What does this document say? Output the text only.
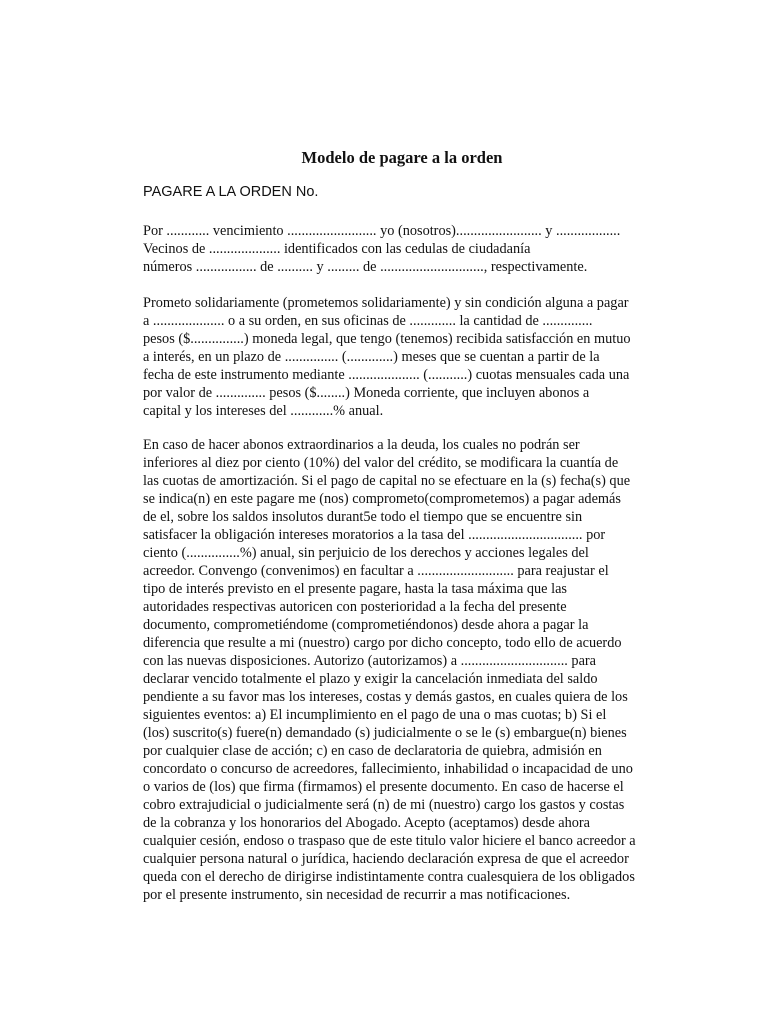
Modelo de pagare a la orden
PAGARE A LA ORDEN No.
Por ............ vencimiento ......................... yo (nosotros)........................ y ..................
Vecinos de .................... identificados con las cedulas de ciudadanía
números ................. de .......... y ......... de ............................., respectivamente.
Prometo solidariamente (prometemos solidariamente) y sin condición alguna a pagar
a .................... o a su orden, en sus oficinas de ............. la cantidad de ..............
pesos ($...............) moneda legal, que tengo (tenemos) recibida satisfacción en mutuo
a interés, en un plazo de ............... (.............) meses que se cuentan a partir de la
fecha de este instrumento mediante .................... (...........) cuotas mensuales cada una
por valor de .............. pesos ($........) Moneda corriente, que incluyen abonos a
capital y los intereses del ............% anual.
En caso de hacer abonos extraordinarios a la deuda, los cuales no podrán ser
inferiores al diez por ciento (10%) del valor del crédito, se modificara la cuantía de
las cuotas de amortización. Si el pago de capital no se efectuare en la (s) fecha(s) que
se indica(n) en este pagare me (nos) comprometo(comprometemos) a pagar además
de el, sobre los saldos insolutos durant5e todo el tiempo que se encuentre sin
satisfacer la obligación intereses moratorios a la tasa del ................................ por
ciento (...............%) anual, sin perjuicio de los derechos y acciones legales del
acreedor. Convengo (convenimos) en facultar a ........................... para reajustar el
tipo de interés previsto en el presente pagare, hasta la tasa máxima que las
autoridades respectivas autoricen con posterioridad a la fecha del presente
documento, comprometiéndome (comprometiéndonos) desde ahora a pagar la
diferencia que resulte a mi (nuestro) cargo por dicho concepto, todo ello de acuerdo
con las nuevas disposiciones. Autorizo (autorizamos) a .............................. para
declarar vencido totalmente el plazo y exigir la cancelación inmediata del saldo
pendiente a su favor mas los intereses, costas y demás gastos, en cuales quiera de los
siguientes eventos: a) El incumplimiento en el pago de una o mas cuotas; b) Si el
(los) suscrito(s) fuere(n) demandado (s) judicialmente o se le (s) embargue(n) bienes
por cualquier clase de acción; c) en caso de declaratoria de quiebra, admisión en
concordato o concurso de acreedores, fallecimiento, inhabilidad o incapacidad de uno
o varios de (los) que firma (firmamos) el presente documento. En caso de hacerse el
cobro extrajudicial o judicialmente será (n) de mi (nuestro) cargo los gastos y costas
de la cobranza y los honorarios del Abogado. Acepto (aceptamos) desde ahora
cualquier cesión, endoso o traspaso que de este titulo valor hiciere el banco acreedor a
cualquier persona natural o jurídica, haciendo declaración expresa de que el acreedor
queda con el derecho de dirigirse indistintamente contra cualesquiera de los obligados
por el presente instrumento, sin necesidad de recurrir a mas notificaciones.
